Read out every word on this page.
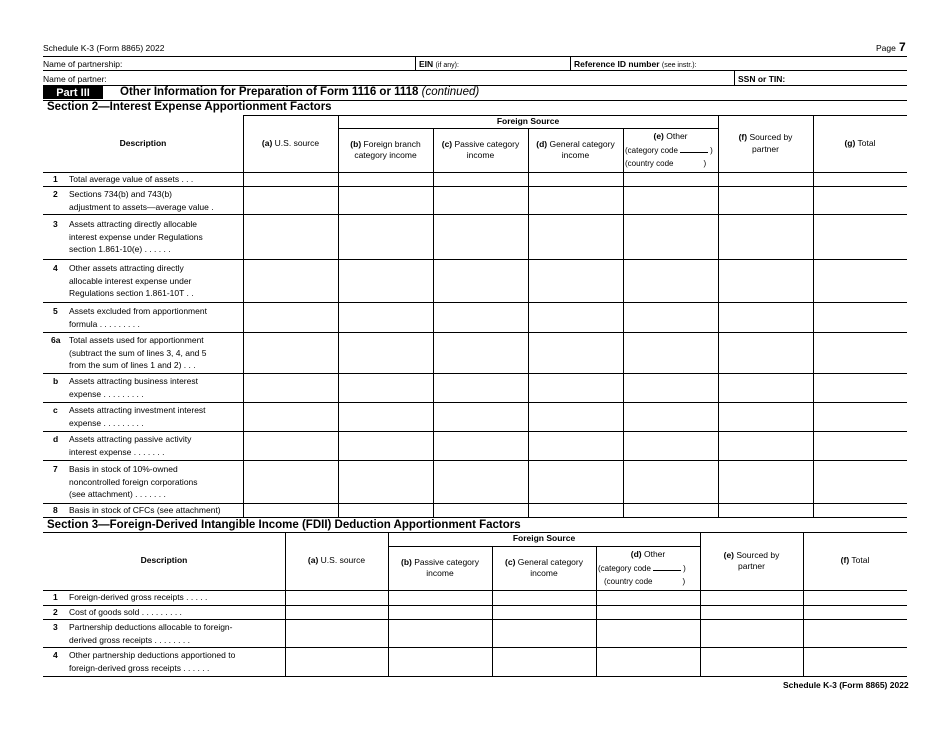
Schedule K-3 (Form 8865) 2022	Page 7
Name of partnership:	EIN (if any):	Reference ID number (see instr.):
Name of partner:	SSN or TIN:
Part III	Other Information for Preparation of Form 1116 or 1118 (continued)
Section 2—Interest Expense Apportionment Factors
Description	(a) U.S. source
Foreign Source
(b) Foreign branch
category income
(c) Passive category
income
(d) General category
income
(e) Other
(category code	)
(country code	)
(f) Sourced by
partner
(g) Total
1	Total average value of assets . . .
2	Sections 734(b) and 743(b)
adjustment to assets—average value .
3	Assets attracting directly allocable
interest expense under Regulations
section 1.861-10(e) . . . . . .
4	Other assets attracting directly
allocable interest expense under
Regulations section 1.861-10T . .
5	Assets excluded from apportionment
formula . . . . . . . . .
6a	Total assets used for apportionment
(subtract the sum of lines 3, 4, and 5
from the sum of lines 1 and 2) . . .
b	Assets attracting business interest
expense . . . . . . . . .
c	Assets attracting investment interest
expense . . . . . . . . .
d	Assets attracting passive activity
interest expense . . . . . . .
7	Basis in stock of 10%-owned
noncontrolled foreign corporations
(see attachment) . . . . . . .
8	Basis in stock of CFCs (see attachment)
Section 3—Foreign-Derived Intangible Income (FDII) Deduction Apportionment Factors
Description	(a) U.S. source
Foreign Source
(b) Passive category
income
(c) General category
income
(d) Other
(category code	)
(country code	)
(e) Sourced by
partner
(f) Total
1	Foreign-derived gross receipts . . . . .
2	Cost of goods sold . . . . . . . . .
3	Partnership deductions allocable to foreign-
derived gross receipts . . . . . . . .
4	Other partnership deductions apportioned to
foreign-derived gross receipts . . . . . .
Schedule K-3 (Form 8865) 2022
